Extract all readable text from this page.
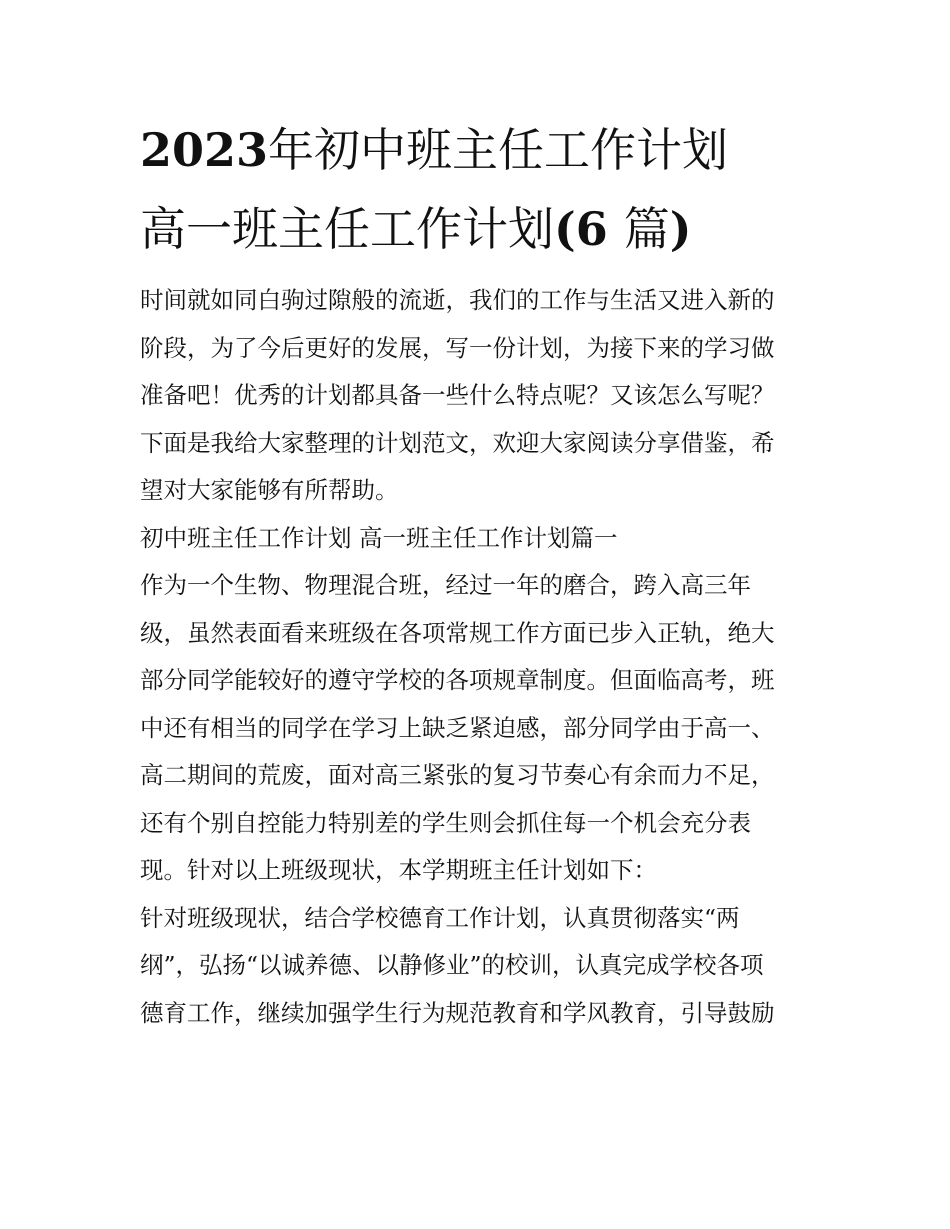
2023年初中班主任工作计划
高一班主任工作计划(6 篇)
时间就如同白驹过隙般的流逝，我们的工作与生活又进入新的
阶段，为了今后更好的发展，写一份计划，为接下来的学习做
准备吧！优秀的计划都具备一些什么特点呢？又该怎么写呢？
下面是我给大家整理的计划范文，欢迎大家阅读分享借鉴，希
望对大家能够有所帮助。
初中班主任工作计划 高一班主任工作计划篇一
作为一个生物、物理混合班，经过一年的磨合，跨入高三年
级，虽然表面看来班级在各项常规工作方面已步入正轨，绝大
部分同学能较好的遵守学校的各项规章制度。但面临高考，班
中还有相当的同学在学习上缺乏紧迫感，部分同学由于高一、
高二期间的荒废，面对高三紧张的复习节奏心有余而力不足，
还有个别自控能力特别差的学生则会抓住每一个机会充分表
现。针对以上班级现状，本学期班主任计划如下：
针对班级现状，结合学校德育工作计划，认真贯彻落实“两
纲”，弘扬“以诚养德、以静修业”的校训，认真完成学校各项
德育工作，继续加强学生行为规范教育和学风教育，引导鼓励
